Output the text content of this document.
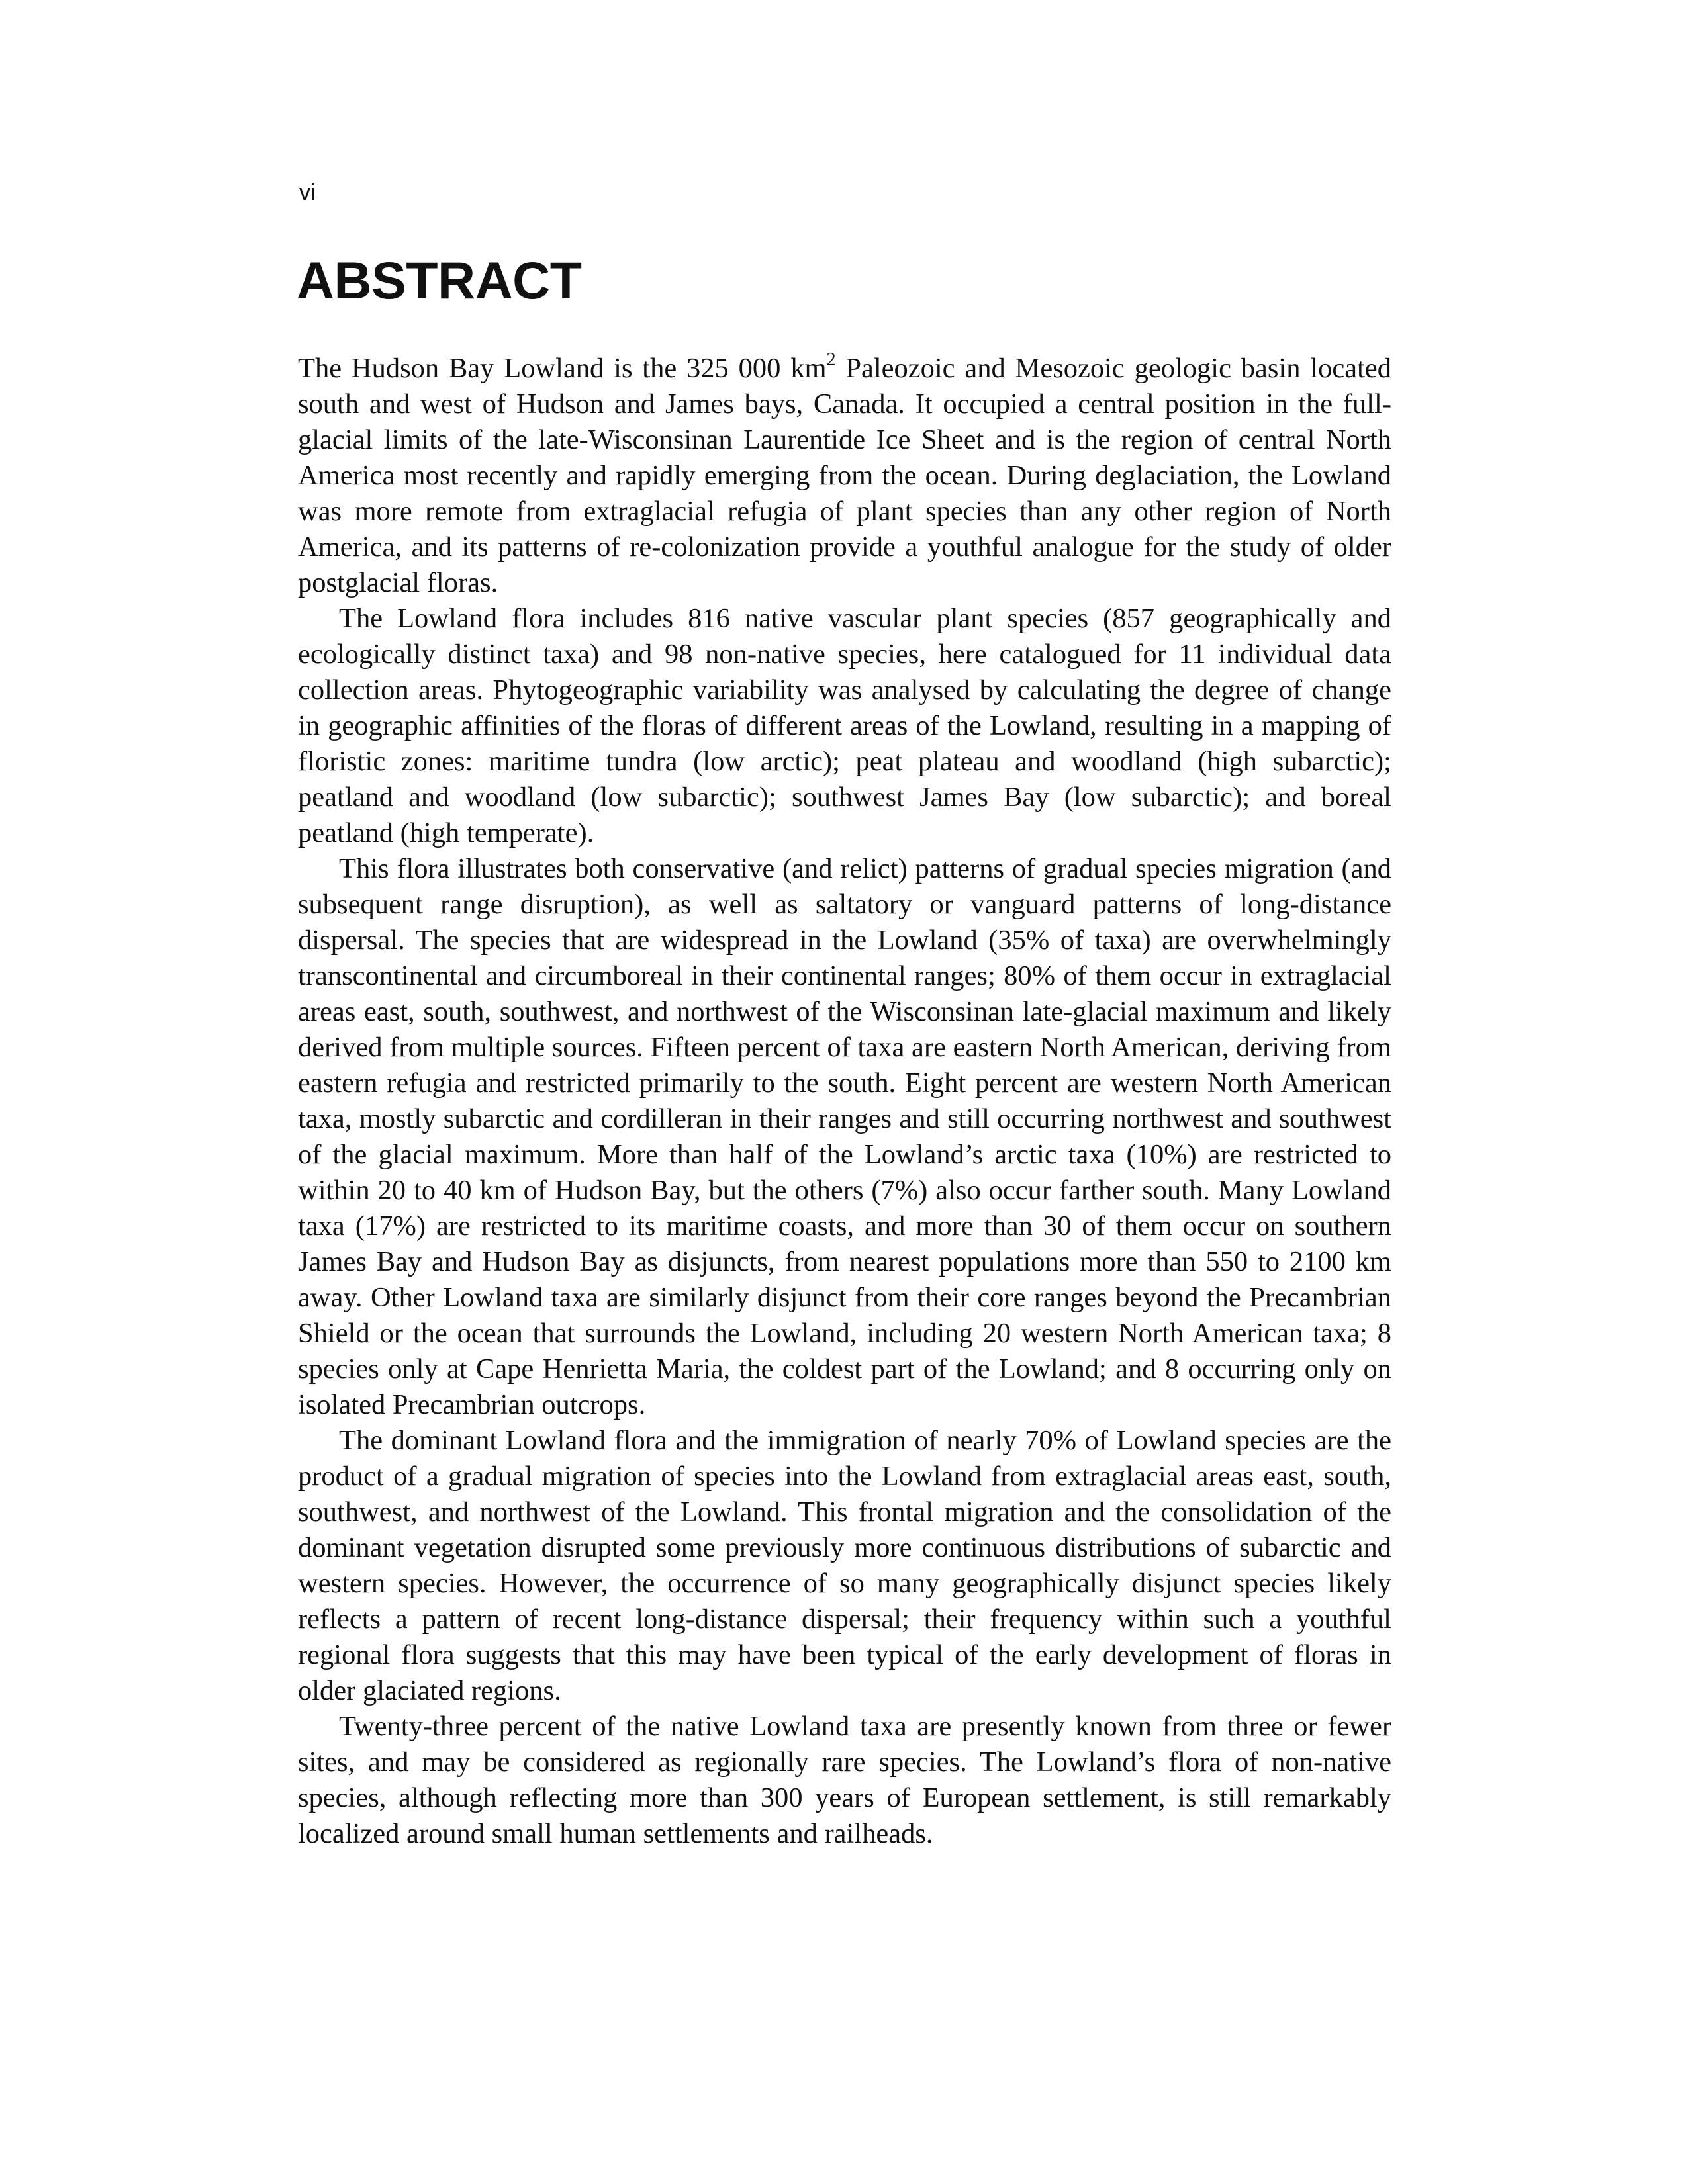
vi
ABSTRACT

The Hudson Bay Lowland is the 325 000 $km^2$ Paleozoic and Mesozoic geologic basin located south and west of Hudson and James bays, Canada. It occupied a central position in the full-glacial limits of the late-Wisconsinan Laurentide Ice Sheet and is the region of central North America most recently and rapidly emerging from the ocean. During deglaciation, the Lowland was more remote from extraglacial refugia of plant species than any other region of North America, and its patterns of re-colonization provide a youthful analogue for the study of older postglacial floras.

The Lowland flora includes 816 native vascular plant species (857 geographically and ecologically distinct taxa) and 98 non-native species, here catalogued for 11 individual data collection areas. Phytogeographic variability was analysed by calculating the degree of change in geographic affinities of the floras of different areas of the Lowland, resulting in a mapping of floristic zones: maritime tundra (low arctic); peat plateau and woodland (high subarctic); peatland and woodland (low subarctic); southwest James Bay (low subarctic); and boreal peatland (high temperate).

This flora illustrates both conservative (and relict) patterns of gradual species migration (and subsequent range disruption), as well as saltatory or vanguard patterns of long-distance dispersal. The species that are widespread in the Lowland (35% of taxa) are overwhelmingly transcontinental and circumboreal in their continental ranges; 80% of them occur in extraglacial areas east, south, southwest, and northwest of the Wisconsinan late-glacial maximum and likely derived from multiple sources. Fifteen percent of taxa are eastern North American, deriving from eastern refugia and restricted primarily to the south. Eight percent are western North American taxa, mostly subarctic and cordilleran in their ranges and still occurring northwest and southwest of the glacial maximum. More than half of the Lowland’s arctic taxa (10%) are restricted to within 20 to 40 km of Hudson Bay, but the others (7%) also occur farther south. Many Lowland taxa (17%) are restricted to its maritime coasts, and more than 30 of them occur on southern James Bay and Hudson Bay as disjuncts, from nearest populations more than 550 to 2100 km away. Other Lowland taxa are similarly disjunct from their core ranges beyond the Precambrian Shield or the ocean that surrounds the Lowland, including 20 western North American taxa; 8 species only at Cape Henrietta Maria, the coldest part of the Lowland; and 8 occurring only on isolated Precambrian outcrops.

The dominant Lowland flora and the immigration of nearly 70% of Lowland species are the product of a gradual migration of species into the Lowland from extraglacial areas east, south, southwest, and northwest of the Lowland. This frontal migration and the consolidation of the dominant vegetation disrupted some previously more continuous distributions of subarctic and western species. However, the occurrence of so many geographically disjunct species likely reflects a pattern of recent long-distance dispersal; their frequency within such a youthful regional flora suggests that this may have been typical of the early development of floras in older glaciated regions.

Twenty-three percent of the native Lowland taxa are presently known from three or fewer sites, and may be considered as regionally rare species. The Lowland’s flora of non-native species, although reflecting more than 300 years of European settlement, is still remarkably localized around small human settlements and railheads.
